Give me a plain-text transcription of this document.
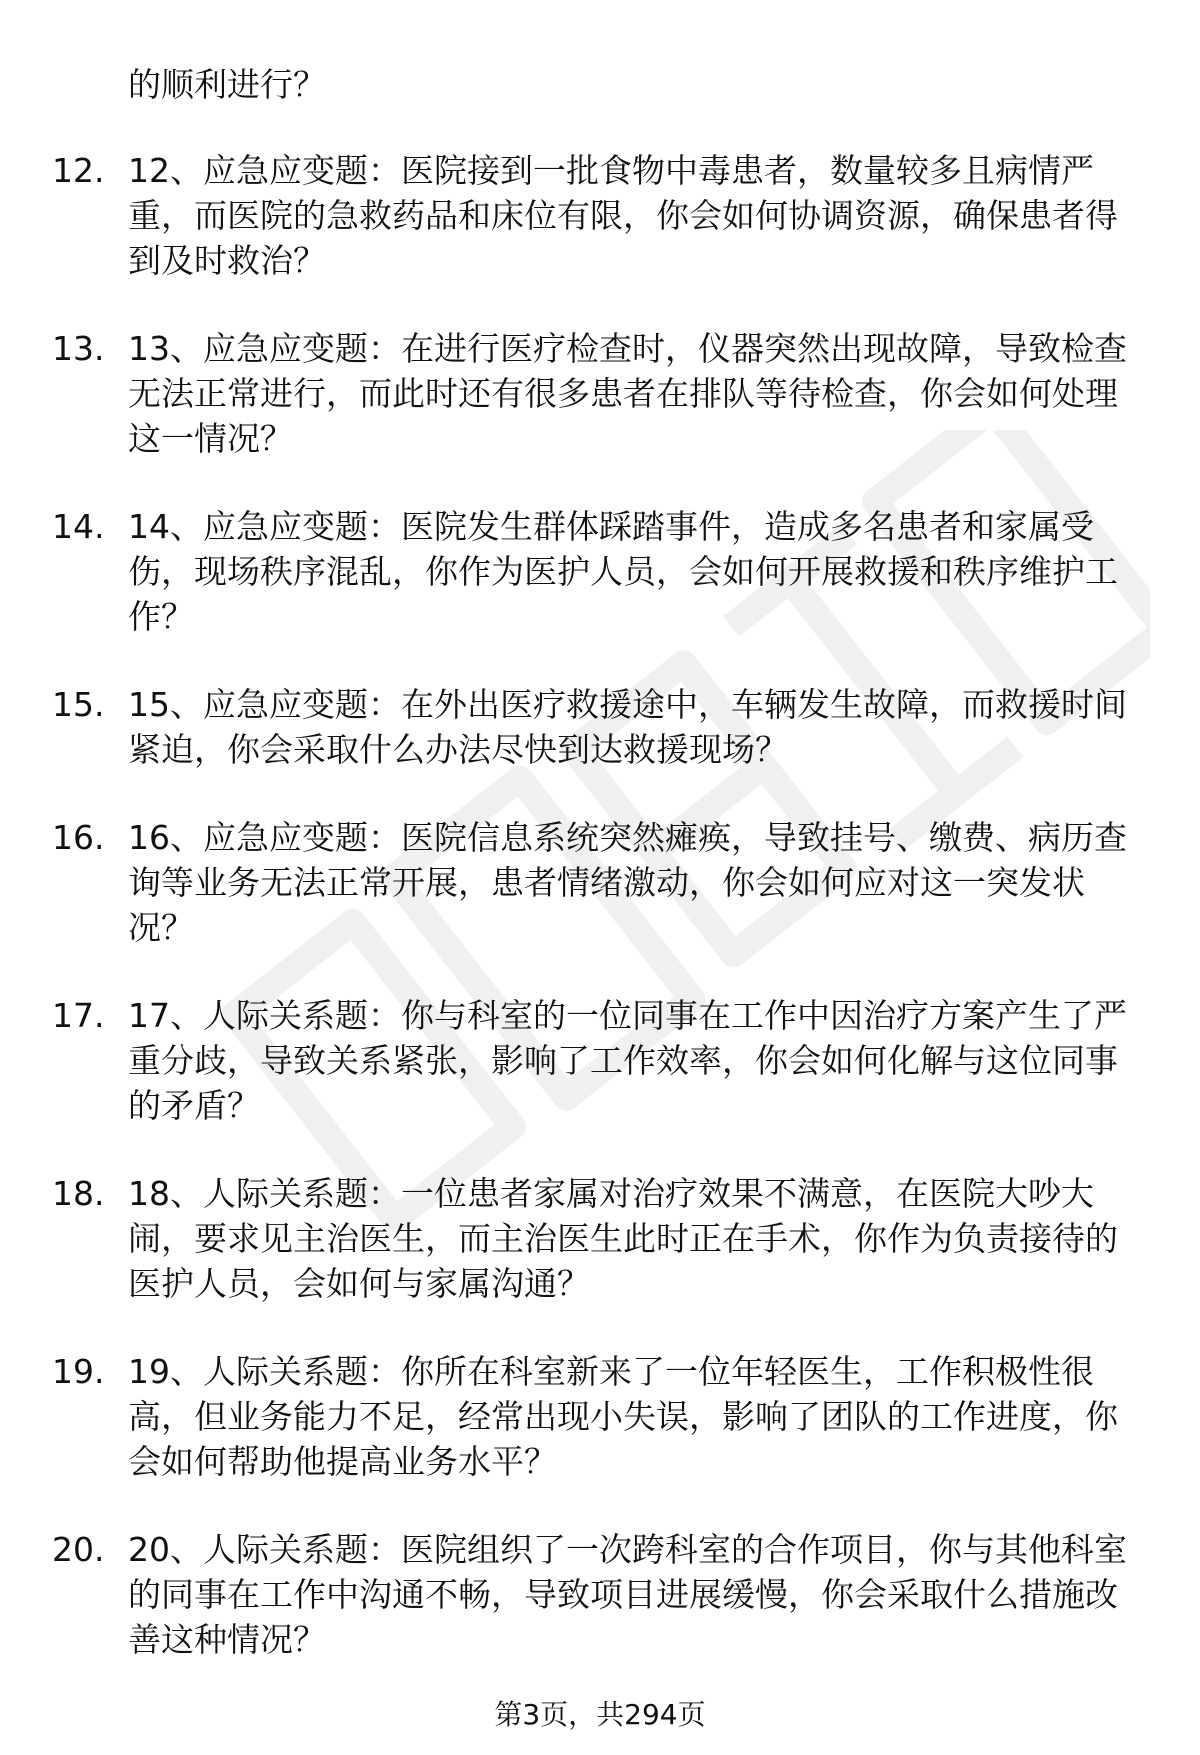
的顺利进行？

12. 12、应急应变题：医院接到一批食物中毒患者，数量较多且病情严重，而医院的急救药品和床位有限，你会如何协调资源，确保患者得到及时救治？
13. 13、应急应变题：在进行医疗检查时，仪器突然出现故障，导致检查无法正常进行，而此时还有很多患者在排队等待检查，你会如何处理这一情况？
14. 14、应急应变题：医院发生群体踩踏事件，造成多名患者和家属受伤，现场秩序混乱，你作为医护人员，会如何开展救援和秩序维护工作？
15. 15、应急应变题：在外出医疗救援途中，车辆发生故障，而救援时间紧迫，你会采取什么办法尽快到达救援现场？
16. 16、应急应变题：医院信息系统突然瘫痪，导致挂号、缴费、病历查询等业务无法正常开展，患者情绪激动，你会如何应对这一突发状况？
17. 17、人际关系题：你与科室的一位同事在工作中因治疗方案产生了严重分歧，导致关系紧张，影响了工作效率，你会如何化解与这位同事的矛盾？
18. 18、人际关系题：一位患者家属对治疗效果不满意，在医院大吵大闹，要求见主治医生，而主治医生此时正在手术，你作为负责接待的医护人员，会如何与家属沟通？
19. 19、人际关系题：你所在科室新来了一位年轻医生，工作积极性很高，但业务能力不足，经常出现小失误，影响了团队的工作进度，你会如何帮助他提高业务水平？
20. 20、人际关系题：医院组织了一次跨科室的合作项目，你与其他科室的同事在工作中沟通不畅，导致项目进展缓慢，你会采取什么措施改善这种情况？
第3页，共294页
